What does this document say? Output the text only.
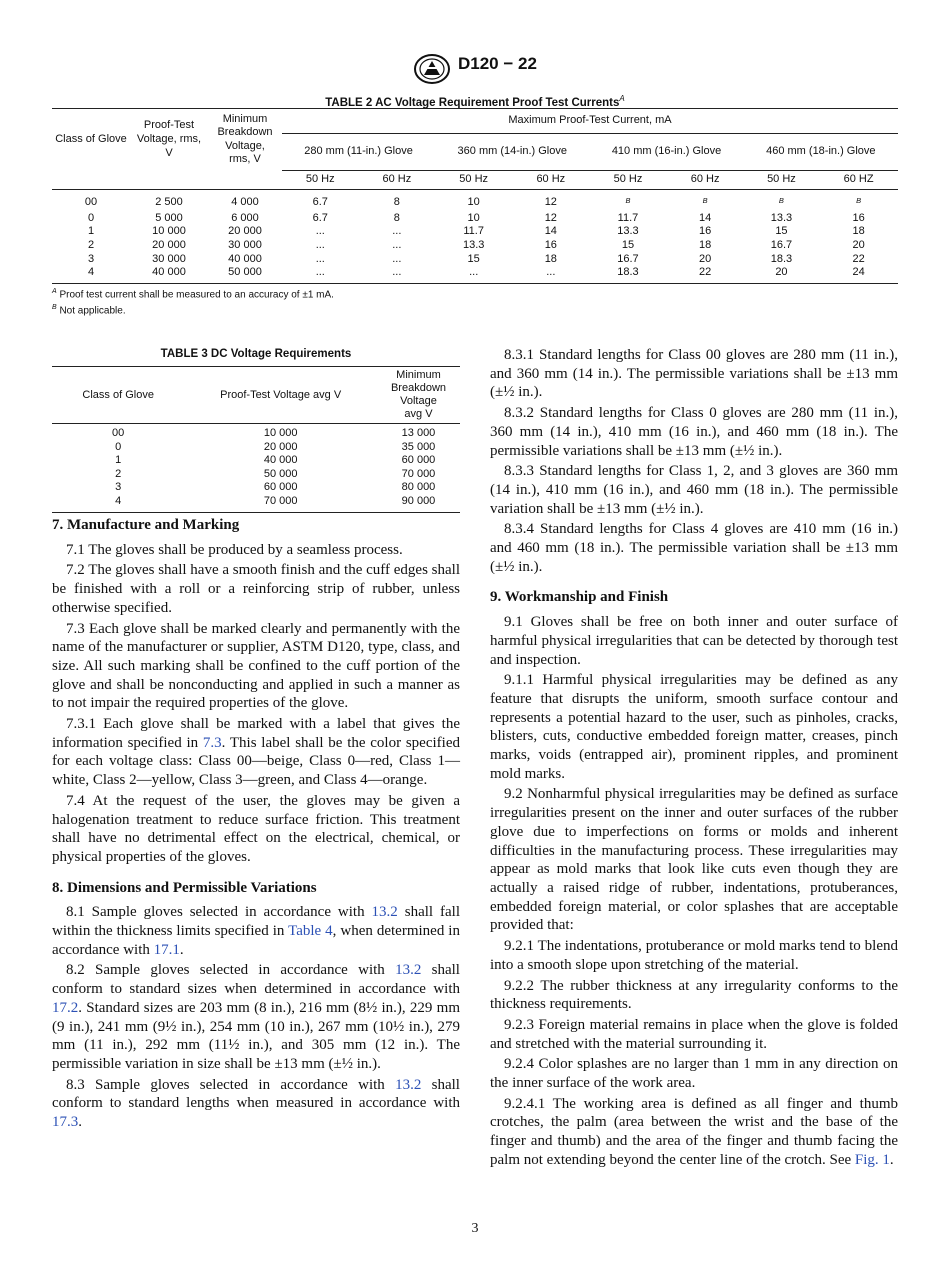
D120 − 22
TABLE 2 AC Voltage Requirement Proof Test Currents$^A$
Class of Glove	Proof-Test Voltage, rms, V	Minimum Breakdown Voltage, rms, V	Maximum Proof-Test Current, mA							
			280 mm (11-in.) Glove		360 mm (14-in.) Glove		410 mm (16-in.) Glove		460 mm (18-in.) Glove	
			50 Hz	60 Hz	50 Hz	60 Hz	50 Hz	60 Hz	50 Hz	60 HZ
00	2 500	4 000	6.7	8	10	12	$^B$	$^B$	$^B$	$^B$
0	5 000	6 000	6.7	8	10	12	11.7	14	13.3	16
1	10 000	20 000	...	...	11.7	14	13.3	16	15	18
2	20 000	30 000	...	...	13.3	16	15	18	16.7	20
3	30 000	40 000	...	...	15	18	16.7	20	18.3	22
4	40 000	50 000	...	...	...	...	18.3	22	20	24
$^A$ Proof test current shall be measured to an accuracy of ±1 mA.
$^B$ Not applicable.
TABLE 3 DC Voltage Requirements
Class of Glove	Proof-Test Voltage avg V	Minimum Breakdown Voltage avg V
00	10 000	13 000
0	20 000	35 000
1	40 000	60 000
2	50 000	70 000
3	60 000	80 000
4	70 000	90 000
7. Manufacture and Marking

7.1 The gloves shall be produced by a seamless process.

7.2 The gloves shall have a smooth finish and the cuff edges shall be finished with a roll or a reinforcing strip of rubber, unless otherwise specified.

7.3 Each glove shall be marked clearly and permanently with the name of the manufacturer or supplier, ASTM D120, type, class, and size. All such marking shall be confined to the cuff portion of the glove and shall be nonconducting and applied in such a manner as to not impair the required properties of the glove.

7.3.1 Each glove shall be marked with a label that gives the information specified in 7.3. This label shall be the color specified for each voltage class: Class 00—beige, Class 0—red, Class 1—white, Class 2—yellow, Class 3—green, and Class 4—orange.

7.4 At the request of the user, the gloves may be given a halogenation treatment to reduce surface friction. This treatment shall have no detrimental effect on the electrical, chemical, or physical properties of the gloves.

8. Dimensions and Permissible Variations

8.1 Sample gloves selected in accordance with 13.2 shall fall within the thickness limits specified in Table 4, when determined in accordance with 17.1.

8.2 Sample gloves selected in accordance with 13.2 shall conform to standard sizes when determined in accordance with 17.2. Standard sizes are 203 mm (8 in.), 216 mm (8½ in.), 229 mm (9 in.), 241 mm (9½ in.), 254 mm (10 in.), 267 mm (10½ in.), 279 mm (11 in.), 292 mm (11½ in.), and 305 mm (12 in.). The permissible variation in size shall be ±13 mm (±½ in.).

8.3 Sample gloves selected in accordance with 13.2 shall conform to standard lengths when measured in accordance with 17.3.

8.3.1 Standard lengths for Class 00 gloves are 280 mm (11 in.), and 360 mm (14 in.). The permissible variations shall be ±13 mm (±½ in.).

8.3.2 Standard lengths for Class 0 gloves are 280 mm (11 in.), 360 mm (14 in.), 410 mm (16 in.), and 460 mm (18 in.). The permissible variations shall be ±13 mm (±½ in.).

8.3.3 Standard lengths for Class 1, 2, and 3 gloves are 360 mm (14 in.), 410 mm (16 in.), and 460 mm (18 in.). The permissible variation shall be ±13 mm (±½ in.).

8.3.4 Standard lengths for Class 4 gloves are 410 mm (16 in.) and 460 mm (18 in.). The permissible variation shall be ±13 mm (±½ in.).

9. Workmanship and Finish

9.1 Gloves shall be free on both inner and outer surface of harmful physical irregularities that can be detected by thorough test and inspection.

9.1.1 Harmful physical irregularities may be defined as any feature that disrupts the uniform, smooth surface contour and represents a potential hazard to the user, such as pinholes, cracks, blisters, cuts, conductive embedded foreign matter, creases, pinch marks, voids (entrapped air), prominent ripples, and prominent mold marks.

9.2 Nonharmful physical irregularities may be defined as surface irregularities present on the inner and outer surfaces of the rubber glove due to imperfections on forms or molds and inherent difficulties in the manufacturing process. These irregularities may appear as mold marks that look like cuts even though they are actually a raised ridge of rubber, indentations, protuberances, embedded foreign material, or color splashes that are acceptable provided that:

9.2.1 The indentations, protuberance or mold marks tend to blend into a smooth slope upon stretching of the material.

9.2.2 The rubber thickness at any irregularity conforms to the thickness requirements.

9.2.3 Foreign material remains in place when the glove is folded and stretched with the material surrounding it.

9.2.4 Color splashes are no larger than 1 mm in any direction on the inner surface of the work area.

9.2.4.1 The working area is defined as all finger and thumb crotches, the palm (area between the wrist and the base of the finger and thumb) and the area of the finger and thumb facing the palm not extending beyond the center line of the crotch. See Fig. 1.

3
